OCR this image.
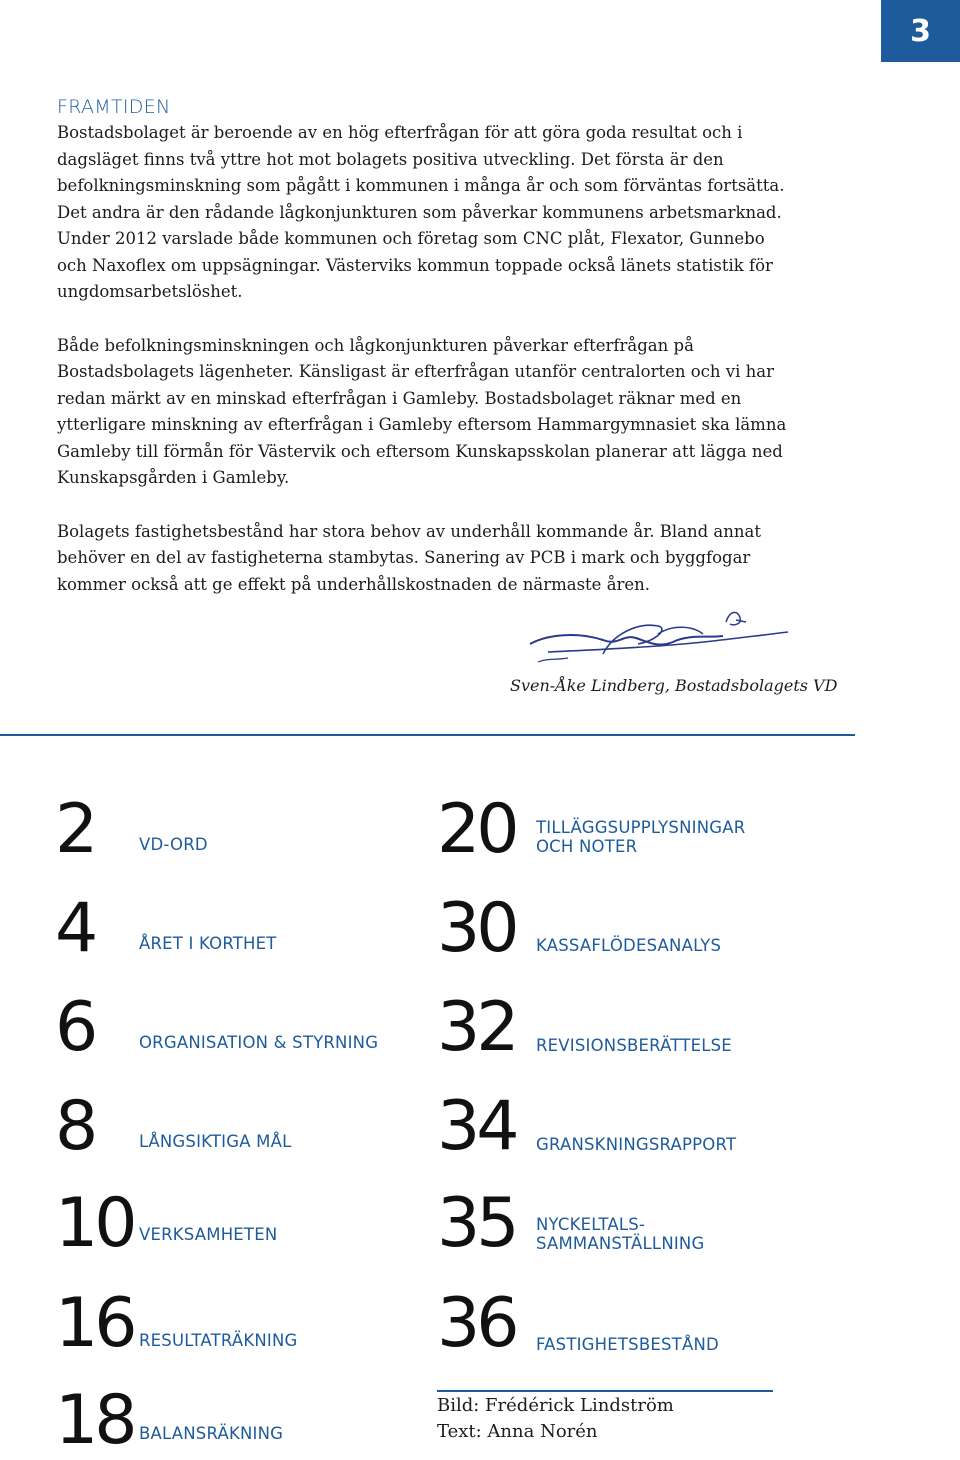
3
FRAMTIDEN

Bostadsbolaget är beroende av en hög efterfrågan för att göra goda resultat och i dagsläget finns två yttre hot mot bolagets positiva utveckling. Det första är den befolkningsminskning som pågått i kommunen i många år och som förväntas fortsätta. Det andra är den rådande lågkonjunkturen som påverkar kommunens arbetsmarknad. Under 2012 varslade både kommunen och företag som CNC plåt, Flexator, Gunnebo och Naxoflex om uppsägningar. Västerviks kommun toppade också länets statistik för ungdomsarbetslöshet.

Både befolkningsminskningen och lågkonjunkturen påverkar efterfrågan på Bostadsbolagets lägenheter. Känsligast är efterfrågan utanför centralorten och vi har redan märkt av en minskad efterfrågan i Gamleby. Bostadsbolaget räknar med en ytterligare minskning av efterfrågan i Gamleby eftersom Hammargymnasiet ska lämna Gamleby till förmån för Västervik och eftersom Kunskapsskolan planerar att lägga ned Kunskapsgården i Gamleby.

Bolagets fastighetsbestånd har stora behov av underhåll kommande år. Bland annat behöver en del av fastigheterna stambytas. Sanering av PCB i mark och byggfogar kommer också att ge effekt på underhållskostnaden de närmaste åren.

Sven-Åke Lindberg, Bostadsbolagets VD
2	VD-ORD
4	ÅRET I KORTHET
6	ORGANISATION & STYRNING
8	LÅNGSIKTIGA MÅL
10 VERKSAMHETEN
16 RESULTATRÄKNING
18 BALANSRÄKNING
20 TILLÄGGSUPPLYSNINGAR
OCH NOTER
30 KASSAFLÖDESANALYS
32 REVISIONSBERÄTTELSE
34 GRANSKNINGSRAPPORT
35 NYCKELTALS-
SAMMANSTÄLLNING
36 FASTIGHETSBESTÅND
Bild: Frédérick Lindström
Text: Anna Norén
